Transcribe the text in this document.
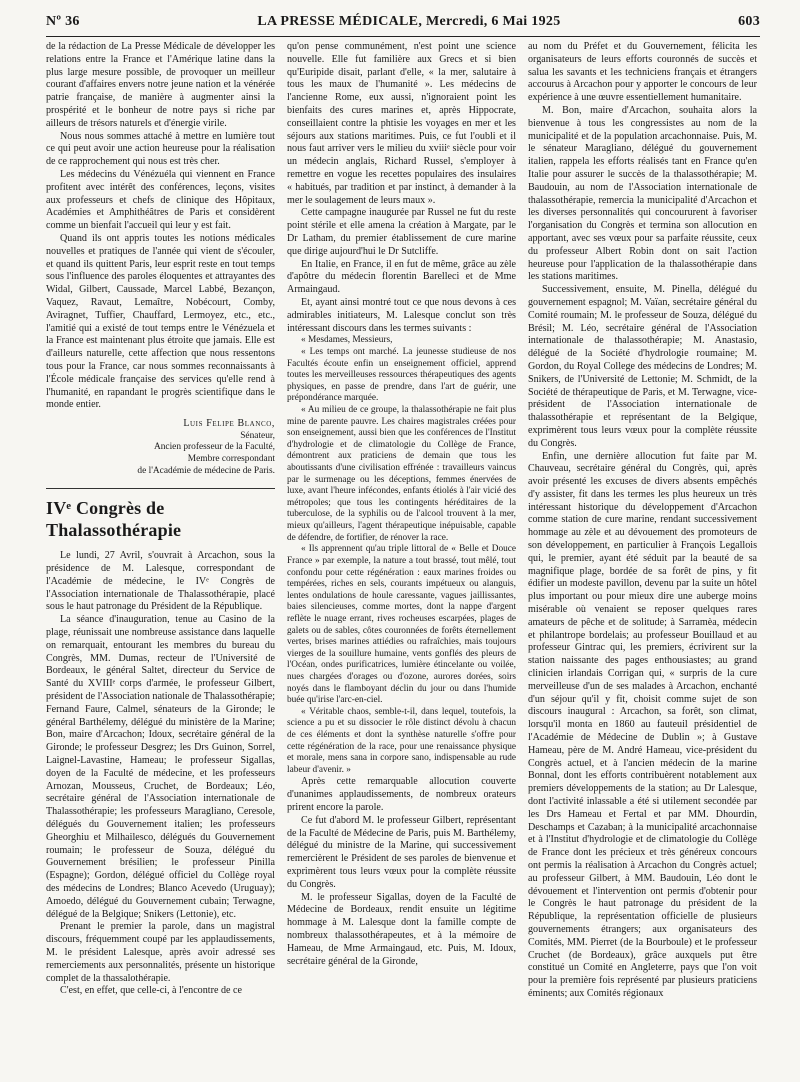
Nº 36	LA PRESSE MÉDICALE, Mercredi, 6 Mai 1925	603

de la rédaction de La Presse Médicale de développer les relations entre la France et l'Amérique latine dans la plus large mesure possible, de provoquer un meilleur courant d'affaires envers notre jeune nation et la vénérée patrie française, de manière à augmenter ainsi la prospérité et le bonheur de notre pays si riche par ailleurs de trésors naturels et d'énergie virile.

Nous nous sommes attaché à mettre en lumière tout ce qui peut avoir une action heureuse pour la réalisation de ce rapprochement qui nous est très cher.

Les médecins du Vénézuéla qui viennent en France profitent avec intérêt des conférences, leçons, visites aux professeurs et chefs de clinique des Hôpitaux, Académies et Amphithéâtres de Paris et considèrent comme un bienfait l'accueil qui leur y est fait.

Quand ils ont appris toutes les notions médicales nouvelles et pratiques de l'année qui vient de s'écouler, et quand ils quittent Paris, leur esprit reste en tout temps sous l'influence des paroles éloquentes et attrayantes des Widal, Gilbert, Caussade, Marcel Labbé, Bezançon, Vaquez, Ravaut, Lemaître, Nobécourt, Comby, Aviragnet, Tuffier, Chauffard, Lermoyez, etc., etc., l'amitié qui a existé de tout temps entre le Vénézuela et la France est maintenant plus étroite que jamais. Elle est d'ailleurs naturelle, cette affection que nous ressentons tous pour la France, car nous sommes reconnaissants à l'École médicale française des services qu'elle rend à l'humanité, en rapandant le progrès scientifique dans le monde entier.

Luis Felipe Blanco,
Sénateur,
Ancien professeur de la Faculté,
Membre correspondant
de l'Académie de médecine de Paris.
IVᵉ Congrès de Thalassothérapie

Le lundi, 27 Avril, s'ouvrait à Arcachon, sous la présidence de M. Lalesque, correspondant de l'Académie de médecine, le IVᵉ Congrès de l'Association internationale de Thalassothérapie, placé sous le haut patronage du Président de la République.

La séance d'inauguration, tenue au Casino de la plage, réunissait une nombreuse assistance dans laquelle on remarquait, entourant les membres du bureau du Congrès, MM. Dumas, recteur de l'Université de Bordeaux, le général Saltet, directeur du Service de Santé du XVIIIᵉ corps d'armée, le professeur Gilbert, président de l'Association nationale de Thalassothérapie; Fernand Faure, Calmel, sénateurs de la Gironde; le général Barthélemy, délégué du ministère de la Marine; Bon, maire d'Arcachon; Idoux, secrétaire général de la Gironde; le professeur Desgrez; les Drs Guinon, Sorrel, Laignel-Lavastine, Hameau; le professeur Sigallas, doyen de la Faculté de médecine, et les professeurs Arnozan, Mousseus, Cruchet, de Bordeaux; Léo, secrétaire général de l'Association internationale de Thalassothérapie; les professeurs Maragliano, Ceresole, délégués du Gouvernement italien; les professeurs Gheorghiu et Milhailesco, délégués du Gouvernement roumain; le professeur de Souza, délégué du Gouvernement brésilien; le professeur Pinilla (Espagne); Gordon, délégué officiel du Collège royal des médecins de Londres; Blanco Acevedo (Uruguay); Amoedo, délégué du Gouvernement cubain; Terwagne, délégué de la Belgique; Snikers (Lettonie), etc.

Prenant le premier la parole, dans un magistral discours, fréquemment coupé par les applaudissements, M. le président Lalesque, après avoir adressé ses remerciements aux personnalités, présente un historique complet de la thassalothérapie.

C'est, en effet, que celle-ci, à l'encontre de ce

qu'on pense communément, n'est point une science nouvelle. Elle fut familière aux Grecs et si bien qu'Euripide disait, parlant d'elle, « la mer, salutaire à tous les maux de l'humanité ». Les médecins de l'ancienne Rome, eux aussi, n'ignoraient point les bienfaits des cures marines et, après Hippocrate, conseillaient contre la phtisie les voyages en mer et les séjours aux stations maritimes. Puis, ce fut l'oubli et il nous faut arriver vers le milieu du xviiiᵉ siècle pour voir un médecin anglais, Richard Russel, s'employer à remettre en vogue les recettes populaires des insulaires « habitués, par tradition et par instinct, à demander à la mer le soulagement de leurs maux ».

Cette campagne inaugurée par Russel ne fut du reste point stérile et elle amena la création à Margate, par le Dr Latham, du premier établissement de cure marine que dirige aujourd'hui le Dr Sutcliffe.

En Italie, en France, il en fut de même, grâce au zèle d'apôtre du médecin florentin Barelleci et de Mme Armaingaud.

Et, ayant ainsi montré tout ce que nous devons à ces admirables initiateurs, M. Lalesque conclut son très intéressant discours dans les termes suivants :

« Mesdames, Messieurs,

« Les temps ont marché. La jeunesse studieuse de nos Facultés écoute enfin un enseignement officiel, apprend toutes les merveilleuses ressources thérapeutiques des agents physiques, en passe de prendre, dans l'art de guérir, une prépondérance marquée.

« Au milieu de ce groupe, la thalassothérapie ne fait plus mine de parente pauvre. Les chaires magistrales créées pour son enseignement, aussi bien que les conférences de l'Institut d'hydrologie et de climatologie du Collège de France, démontrent aux praticiens de demain que tous les aboutissants d'une civilisation effrénée : travailleurs vaincus par le surmenage ou les déceptions, femmes énervées de luxe, avant l'heure infécondes, enfants étiolés à l'air vicié des métropoles; que tous les contingents héréditaires de la tuberculose, de la syphilis ou de l'alcool trouvent à la mer, mieux qu'ailleurs, l'agent thérapeutique inépuisable, capable de défendre, de fortifier, de rénover la race.

« Ils apprennent qu'au triple littoral de « Belle et Douce France » par exemple, la nature a tout brassé, tout mêlé, tout confondu pour cette régénération : eaux marines froides ou tempérées, riches en sels, courants impétueux ou alanguis, lentes ondulations de houle caressante, vagues jaillissantes, baies silencieuses, comme mortes, dont la nappe d'argent reflète le nuage errant, rives rocheuses escarpées, plages de galets ou de sables, côtes couronnées de forêts éternellement vertes, brises marines attiédies ou rafraîchies, mais toujours vierges de la souillure humaine, vents gonflés des pleurs de l'Océan, ondes purificatrices, lumière étincelante ou voilée, nues chargées d'orages ou d'ozone, aurores dorées, soirs noyés dans le flamboyant déclin du jour ou dans l'humide buée qu'irise l'arc-en-ciel.

« Véritable chaos, semble-t-il, dans lequel, toutefois, la science a pu et su dissocier le rôle distinct dévolu à chacun de ces éléments et dont la synthèse naturelle s'offre pour cette régénération de la race, pour une renaissance physique et morale, mens sana in corpore sano, indispensable au rude labeur d'avenir. »

Après cette remarquable allocution couverte d'unanimes applaudissements, de nombreux orateurs prirent encore la parole.

Ce fut d'abord M. le professeur Gilbert, représentant de la Faculté de Médecine de Paris, puis M. Barthélemy, délégué du ministre de la Marine, qui successivement remercièrent le Président de ses paroles de bienvenue et exprimèrent tous leurs vœux pour la complète réussite du Congrès.

M. le professeur Sigallas, doyen de la Faculté de Médecine de Bordeaux, rendit ensuite un légitime hommage à M. Lalesque dont la famille compte de nombreux thalassothérapeutes, et à la mémoire de Hameau, de Mme Armaingaud, etc. Puis, M. Idoux, secrétaire général de la Gironde,

au nom du Préfet et du Gouvernement, félicita les organisateurs de leurs efforts couronnés de succès et salua les savants et les techniciens français et étrangers accourus à Arcachon pour y apporter le concours de leur expérience à une œuvre essentiellement humanitaire.

M. Bon, maire d'Arcachon, souhaita alors la bienvenue à tous les congressistes au nom de la municipalité et de la population arcachonnaise. Puis, M. le sénateur Maragliano, délégué du gouvernement italien, rappela les efforts réalisés tant en France qu'en Italie pour assurer le succès de la thalassothérapie; M. Baudouin, au nom de l'Association internationale de thalassothérapie, remercia la municipalité d'Arcachon et les diverses personnalités qui concoururent à favoriser l'organisation du Congrès et termina son allocution en apportant, avec ses vœux pour sa parfaite réussite, ceux du professeur Albert Robin dont on sait l'action heureuse pour l'application de la thalassothérapie dans les stations maritimes.

Successivement, ensuite, M. Pinella, délégué du gouvernement espagnol; M. Vaïan, secrétaire général du Comité roumain; M. le professeur de Souza, délégué du Brésil; M. Léo, secrétaire général de l'Association internationale de thalassothérapie; M. Anastasio, délégué de la Société d'hydrologie roumaine; M. Gordon, du Royal College des médecins de Londres; M. Snikers, de l'Université de Lettonie; M. Schmidt, de la Société de thérapeutique de Paris, et M. Terwagne, vice-président de l'Association internationale de thalassothérapie et représentant de la Belgique, exprimèrent tous leurs vœux pour la complète réussite du Congrès.

Enfin, une dernière allocution fut faite par M. Chauveau, secrétaire général du Congrès, qui, après avoir présenté les excuses de divers absents empêchés d'y assister, fit dans les termes les plus heureux un très intéressant historique du développement d'Arcachon comme station de cure marine, rendant successivement hommage au zèle et au dévouement des promoteurs de son développement, en particulier à François Legallois qui, le premier, ayant été séduit par la beauté de sa magnifique plage, bordée de sa forêt de pins, y fit édifier un modeste pavillon, devenu par la suite un hôtel plus important ou pour mieux dire une auberge moins misérable où venaient se reposer quelques rares amateurs de pêche et de solitude; à Sarramèa, médecin et philantrope bordelais; au professeur Bouillaud et au professeur Gintrac qui, les premiers, écrivirent sur la station naissante des pages enthousiastes; au grand clinicien irlandais Corrigan qui, « surpris de la cure merveilleuse d'un de ses malades à Arcachon, enchanté d'un séjour qu'il y fit, choisit comme sujet de son discours inaugural : Arcachon, sa forêt, son climat, lorsqu'il monta en 1860 au fauteuil présidentiel de l'Académie de Médecine de Dublin »; à Gustave Hameau, père de M. André Hameau, vice-président du Congrès actuel, et à l'ancien médecin de la marine Bonnal, dont les efforts contribuèrent notablement aux premiers développements de la station; au Dr Lalesque, dont l'activité inlassable a été si utilement secondée par les Drs Hameau et Fertal et par MM. Dhourdin, Deschamps et Cazaban; à la municipalité arcachonnaise et à l'Institut d'hydrologie et de climatologie du Collège de France dont les précieux et très généreux concours ont permis la réalisation à Arcachon du Congrès actuel; au professeur Gilbert, à MM. Baudouin, Léo dont le dévouement et l'intervention ont permis d'obtenir pour le Congrès le haut patronage du président de la République, la représentation officielle de plusieurs gouvernements étrangers; aux organisateurs des Comités, MM. Pierret (de la Bourboule) et le professeur Cruchet (de Bordeaux), grâce auxquels put être constitué un Comité en Angleterre, pays que l'on voit pour la première fois représenté par plusieurs praticiens éminents; aux Comités régionaux
